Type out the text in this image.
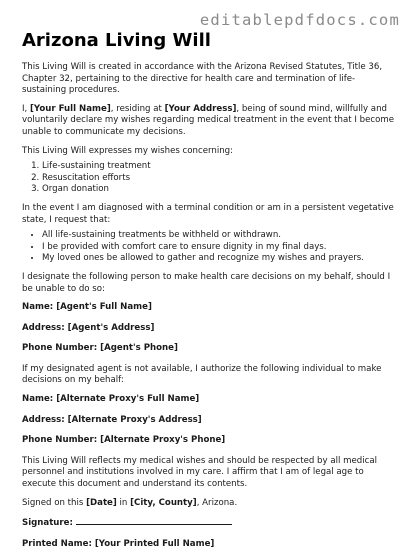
editablepdfdocs.com
Arizona Living Will

This Living Will is created in accordance with the Arizona Revised Statutes, Title 36, Chapter 32, pertaining to the directive for health care and termination of life-sustaining procedures.

I, [Your Full Name], residing at [Your Address], being of sound mind, willfully and voluntarily declare my wishes regarding medical treatment in the event that I become unable to communicate my decisions.

This Living Will expresses my wishes concerning:

1. Life-sustaining treatment
2. Resuscitation efforts
3. Organ donation

In the event I am diagnosed with a terminal condition or am in a persistent vegetative state, I request that:

• All life-sustaining treatments be withheld or withdrawn.
• I be provided with comfort care to ensure dignity in my final days.
• My loved ones be allowed to gather and recognize my wishes and prayers.

I designate the following person to make health care decisions on my behalf, should I be unable to do so:

Name: [Agent's Full Name]
Address: [Agent's Address]
Phone Number: [Agent's Phone]

If my designated agent is not available, I authorize the following individual to make decisions on my behalf:

Name: [Alternate Proxy's Full Name]
Address: [Alternate Proxy's Address]
Phone Number: [Alternate Proxy's Phone]

This Living Will reflects my medical wishes and should be respected by all medical personnel and institutions involved in my care. I affirm that I am of legal age to execute this document and understand its contents.

Signed on this [Date] in [City, County], Arizona.

Signature:
Printed Name: [Your Printed Full Name]
